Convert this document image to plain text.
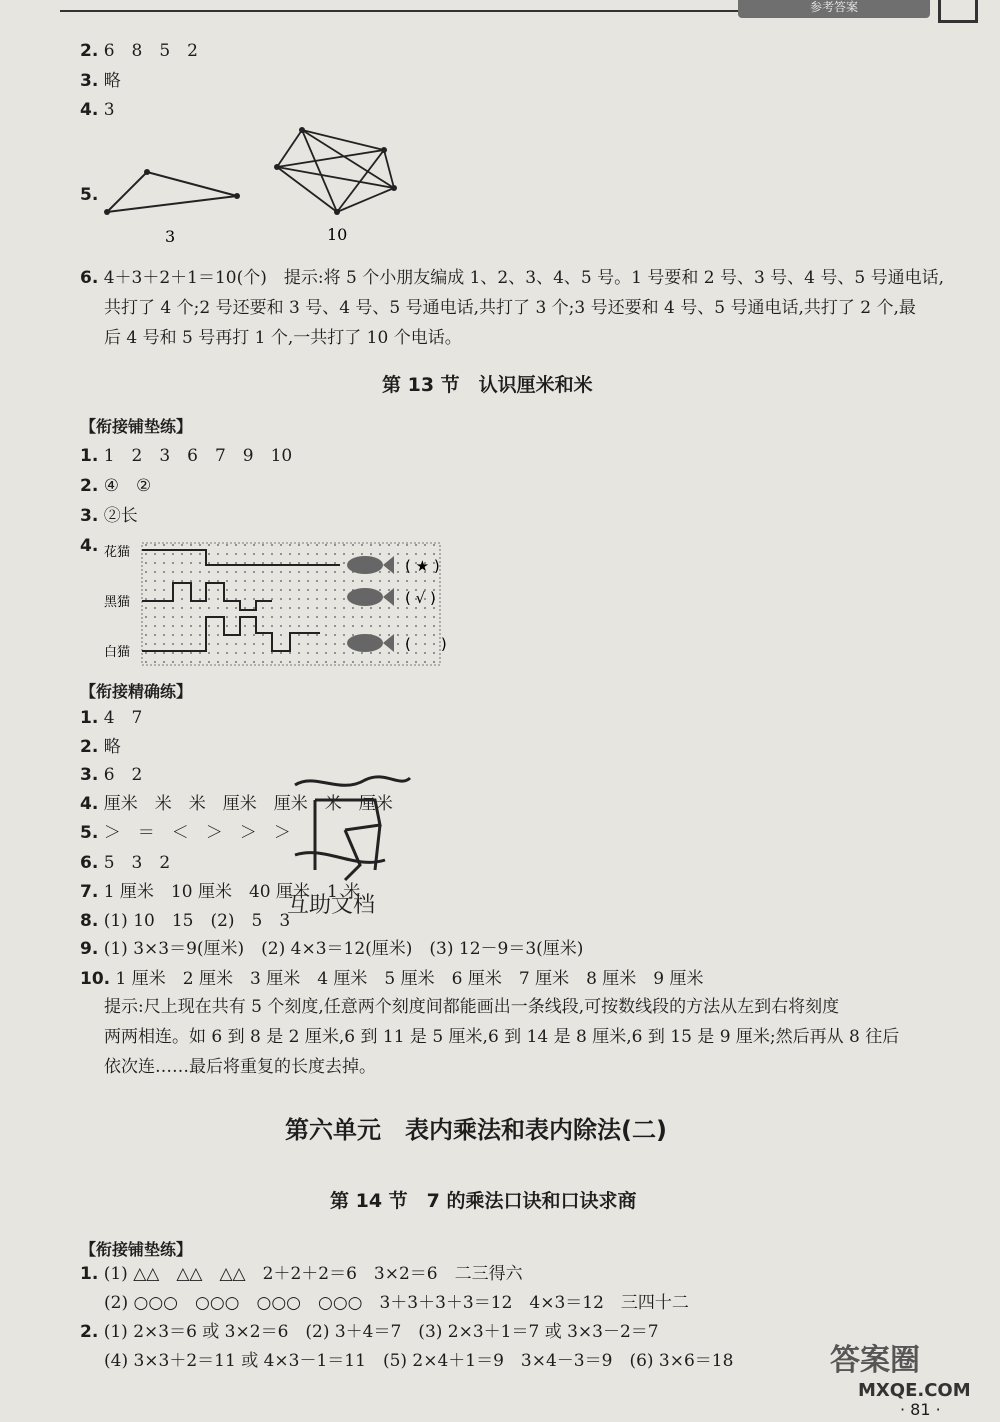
参考答案
2. 6　8　5　2
3. 略
4. 3
5.
3	10
6. 4＋3＋2＋1＝10(个)　提示:将 5 个小朋友编成 1、2、3、4、5 号。1 号要和 2 号、3 号、4 号、5 号通电话,
共打了 4 个;2 号还要和 3 号、4 号、5 号通电话,共打了 3 个;3 号还要和 4 号、5 号通电话,共打了 2 个,最
后 4 号和 5 号再打 1 个,一共打了 10 个电话。
第 13 节　认识厘米和米
【衔接铺垫练】
1. 1　2　3　6　7　9　10
2. ④　②
3. ②长
4. 花猫
黑猫
白猫
( ★ )
( √ )
(　　)
【衔接精确练】
1. 4　7
2. 略
3. 6　2
4. 厘米　米　米　厘米　厘米　米　厘米
5. ＞　＝　＜　＞　＞　＞
6. 5　3　2
7. 1 厘米　10 厘米　40 厘米　1 米
8. (1) 10　15　(2)　5　3
9. (1) 3×3＝9(厘米)　(2) 4×3＝12(厘米)　(3) 12－9＝3(厘米)
10. 1 厘米　2 厘米　3 厘米　4 厘米　5 厘米　6 厘米　7 厘米　8 厘米　9 厘米
提示:尺上现在共有 5 个刻度,任意两个刻度间都能画出一条线段,可按数线段的方法从左到右将刻度
两两相连。如 6 到 8 是 2 厘米,6 到 11 是 5 厘米,6 到 14 是 8 厘米,6 到 15 是 9 厘米;然后再从 8 往后
依次连……最后将重复的长度去掉。
互助文档
第六单元　表内乘法和表内除法(二)
第 14 节　7 的乘法口诀和口诀求商
【衔接铺垫练】
1. (1) △△　△△　△△　2＋2＋2＝6　3×2＝6　二三得六
(2) ○○○　○○○　○○○　○○○　3＋3＋3＋3＝12　4×3＝12　三四十二
2. (1) 2×3＝6 或 3×2＝6　(2) 3＋4＝7　(3) 2×3＋1＝7 或 3×3－2＝7
(4) 3×3＋2＝11 或 4×3－1＝11　(5) 2×4＋1＝9　3×4－3＝9　(6) 3×6＝18	答案圈
MXQE.COM
· 81 ·
